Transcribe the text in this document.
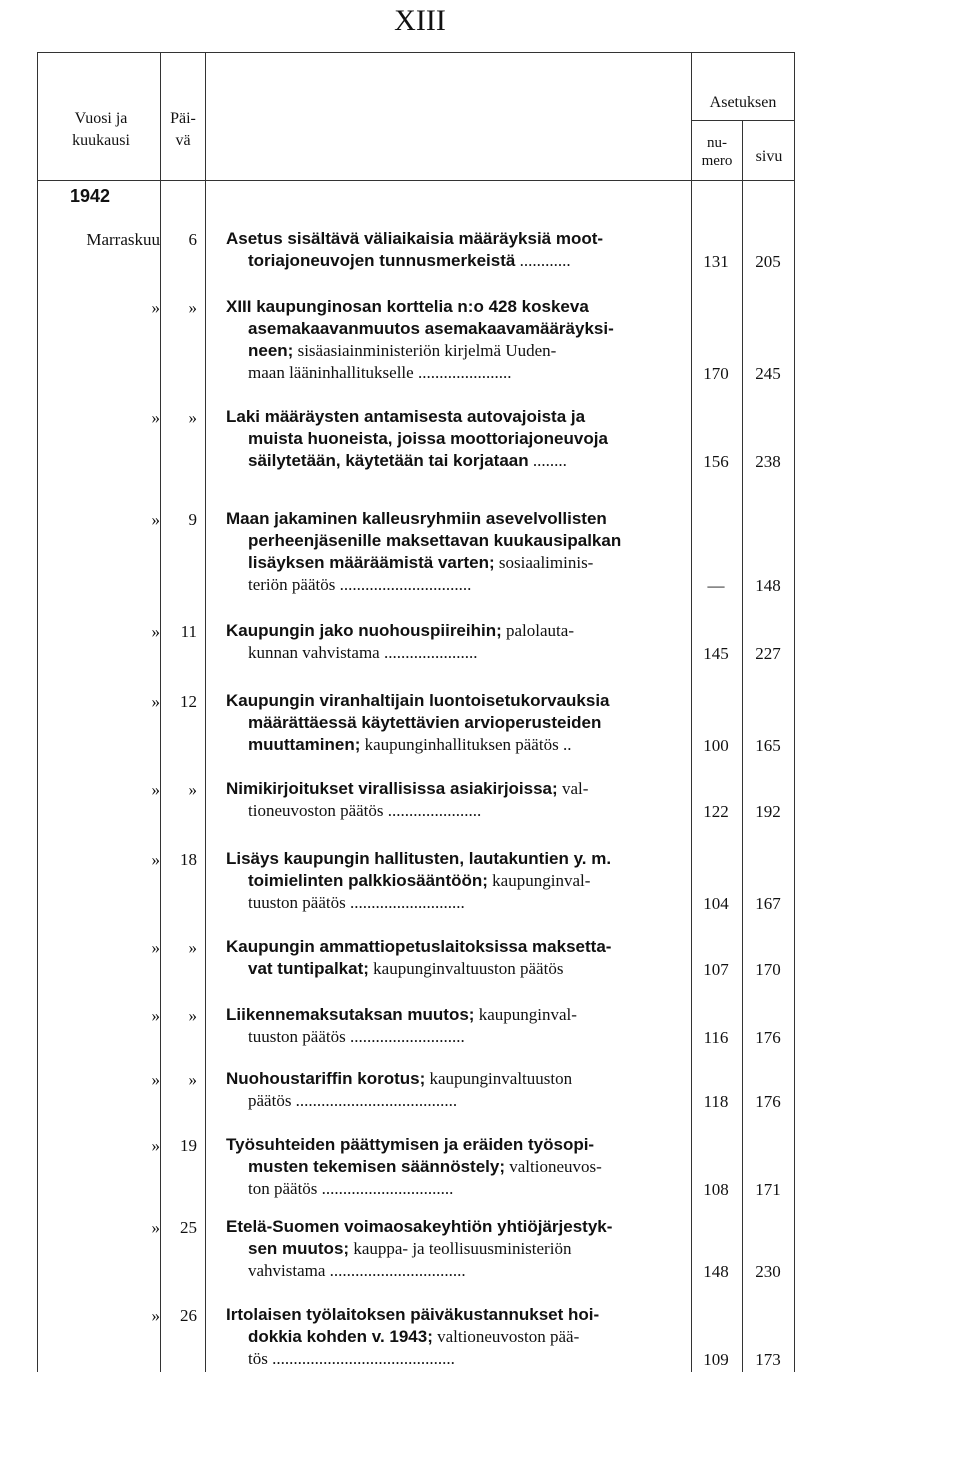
XIII
Vuosi ja kuukausi
Päi-vä
Asetuksen
nu-mero	sivu
1942
Marraskuu	6 Asetus sisältävä väliaikaisia määräyksiä moot-
toriajoneuvojen tunnusmerkeistä ............	131	205
»	» XIII kaupunginosan korttelia n:o 428 koskeva
asemakaavanmuutos asemakaavamääräyksi-
neen; sisäasiainministeriön kirjelmä Uuden-
maan lääninhallitukselle ......................	170	245
»	» Laki määräysten antamisesta autovajoista ja
muista huoneista, joissa moottoriajoneuvoja
säilytetään, käytetään tai korjataan ........	156	238
»	9 Maan jakaminen kalleusryhmiin asevelvollisten
perheenjäsenille maksettavan kuukausipalkan
lisäyksen määräämistä varten; sosiaaliminis-
teriön päätös ...............................	—	148
»	11 Kaupungin jako nuohouspiireihin; palolauta-
kunnan vahvistama ......................	145	227
»	12 Kaupungin viranhaltijain luontoisetukorvauksia
määrättäessä käytettävien arvioperusteiden
muuttaminen; kaupunginhallituksen päätös ..	100	165
»	» Nimikirjoitukset virallisissa asiakirjoissa; val-
tioneuvoston päätös ......................	122	192
»	18 Lisäys kaupungin hallitusten, lautakuntien y. m.
toimielinten palkkiosääntöön; kaupunginval-
tuuston päätös ...........................	104	167
»	» Kaupungin ammattiopetuslaitoksissa maksetta-
vat tuntipalkat; kaupunginvaltuuston päätös	107	170
»	» Liikennemaksutaksan muutos; kaupunginval-
tuuston päätös ...........................	116	176
»	» Nuohoustariffin korotus; kaupunginvaltuuston
päätös ......................................	118	176
»	19 Työsuhteiden päättymisen ja eräiden työsopi-
musten tekemisen säännöstely; valtioneuvos-
ton päätös ...............................	108	171
»	25 Etelä-Suomen voimaosakeyhtiön yhtiöjärjestyk-
sen muutos; kauppa- ja teollisuusministeriön
vahvistama ................................	148	230
»	26 Irtolaisen työlaitoksen päiväkustannukset hoi-
dokkia kohden v. 1943; valtioneuvoston pää-
tös ...........................................	109	173
